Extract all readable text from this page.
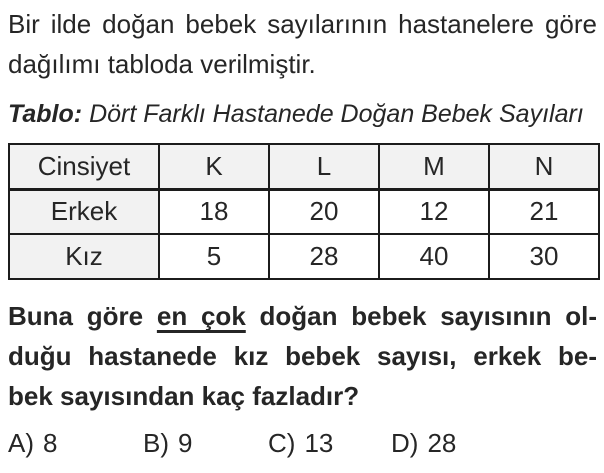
Bir ilde doğan bebek sayılarının hastanelere göre
dağılımı tabloda verilmiştir.
Tablo: Dört Farklı Hastanede Doğan Bebek Sayıları
Cinsiyet	K	L	M	N
Erkek	18	20	12	21
Kız	5	28	40	30
Buna göre en çok doğan bebek sayısının ol-
duğu hastanede kız bebek sayısı, erkek be-
bek sayısından kaç fazladır?
A) 8	B) 9	C) 13	D) 28
